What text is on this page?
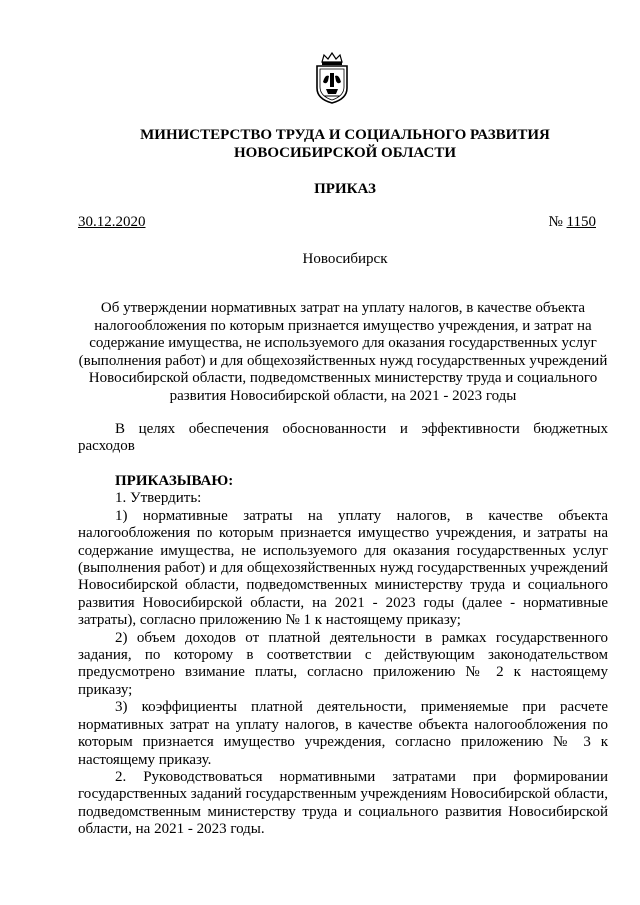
МИНИСТЕРСТВО ТРУДА И СОЦИАЛЬНОГО РАЗВИТИЯ
НОВОСИБИРСКОЙ ОБЛАСТИ
ПРИКАЗ
30.12.2020	№ 1150
Новосибирск
Об утверждении нормативных затрат на уплату налогов, в качестве объекта налогообложения по которым признается имущество учреждения, и затрат на содержание имущества, не используемого для оказания государственных услуг (выполнения работ) и для общехозяйственных нужд государственных учреждений Новосибирской области, подведомственных министерству труда и социального развития Новосибирской области, на 2021 - 2023 годы

В целях обеспечения обоснованности и эффективности бюджетных расходов

ПРИКАЗЫВАЮ:

1. Утвердить:

1) нормативные затраты на уплату налогов, в качестве объекта налогообложения по которым признается имущество учреждения, и затраты на содержание имущества, не используемого для оказания государственных услуг (выполнения работ) и для общехозяйственных нужд государственных учреждений Новосибирской области, подведомственных министерству труда и социального развития Новосибирской области, на 2021 - 2023 годы (далее - нормативные затраты), согласно приложению № 1 к настоящему приказу;

2) объем доходов от платной деятельности в рамках государственного задания, по которому в соответствии с действующим законодательством предусмотрено взимание платы, согласно приложению № 2 к настоящему приказу;

3) коэффициенты платной деятельности, применяемые при расчете нормативных затрат на уплату налогов, в качестве объекта налогообложения по которым признается имущество учреждения, согласно приложению № 3 к настоящему приказу.

2. Руководствоваться нормативными затратами при формировании государственных заданий государственным учреждениям Новосибирской области, подведомственным министерству труда и социального развития Новосибирской области, на 2021 - 2023 годы.
